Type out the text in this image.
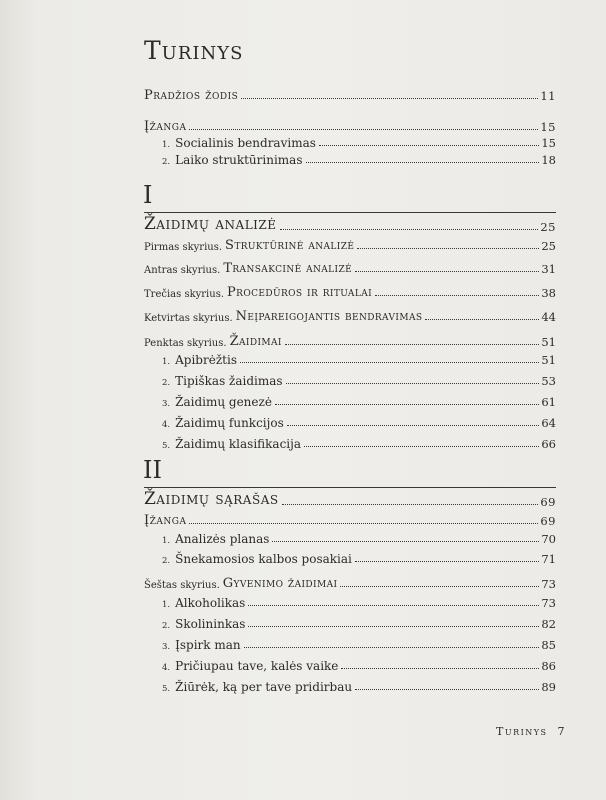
Turinys
Pradžios žodis	11
Įžanga	15
1. Socialinis bendravimas	15
2. Laiko struktūrinimas	18
I
Žaidimų analizė	25
Pirmas skyrius. Struktūrinė analizė	25
Antras skyrius. Transakcinė analizė	31
Trečias skyrius. Procedūros ir ritualai	38
Ketvirtas skyrius. Neįpareigojantis bendravimas	44
Penktas skyrius. Žaidimai	51
1. Apibrėžtis	51
2. Tipiškas žaidimas	53
3. Žaidimų genezė	61
4. Žaidimų funkcijos	64
5. Žaidimų klasifikacija	66
II
Žaidimų sąrašas	69
Įžanga	69
1. Analizės planas	70
2. Šnekamosios kalbos posakiai	71
Šeštas skyrius. Gyvenimo žaidimai	73
1. Alkoholikas	73
2. Skolininkas	82
3. Įspirk man	85
4. Pričiupau tave, kalės vaike	86
5. Žiūrėk, ką per tave pridirbau	89
Turinys 7
